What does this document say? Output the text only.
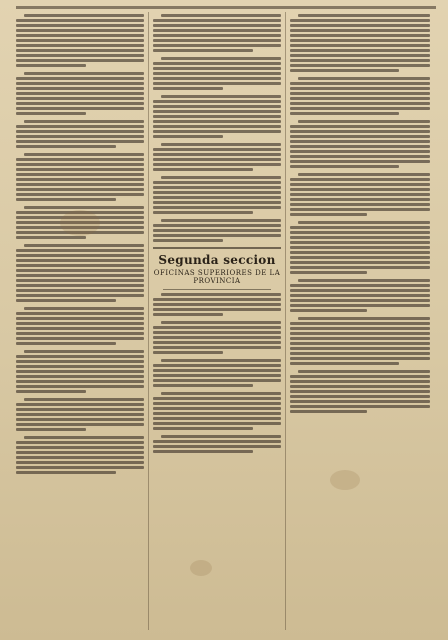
Segunda seccion
OFICINAS SUPERIORES DE LA PROVINCIA
